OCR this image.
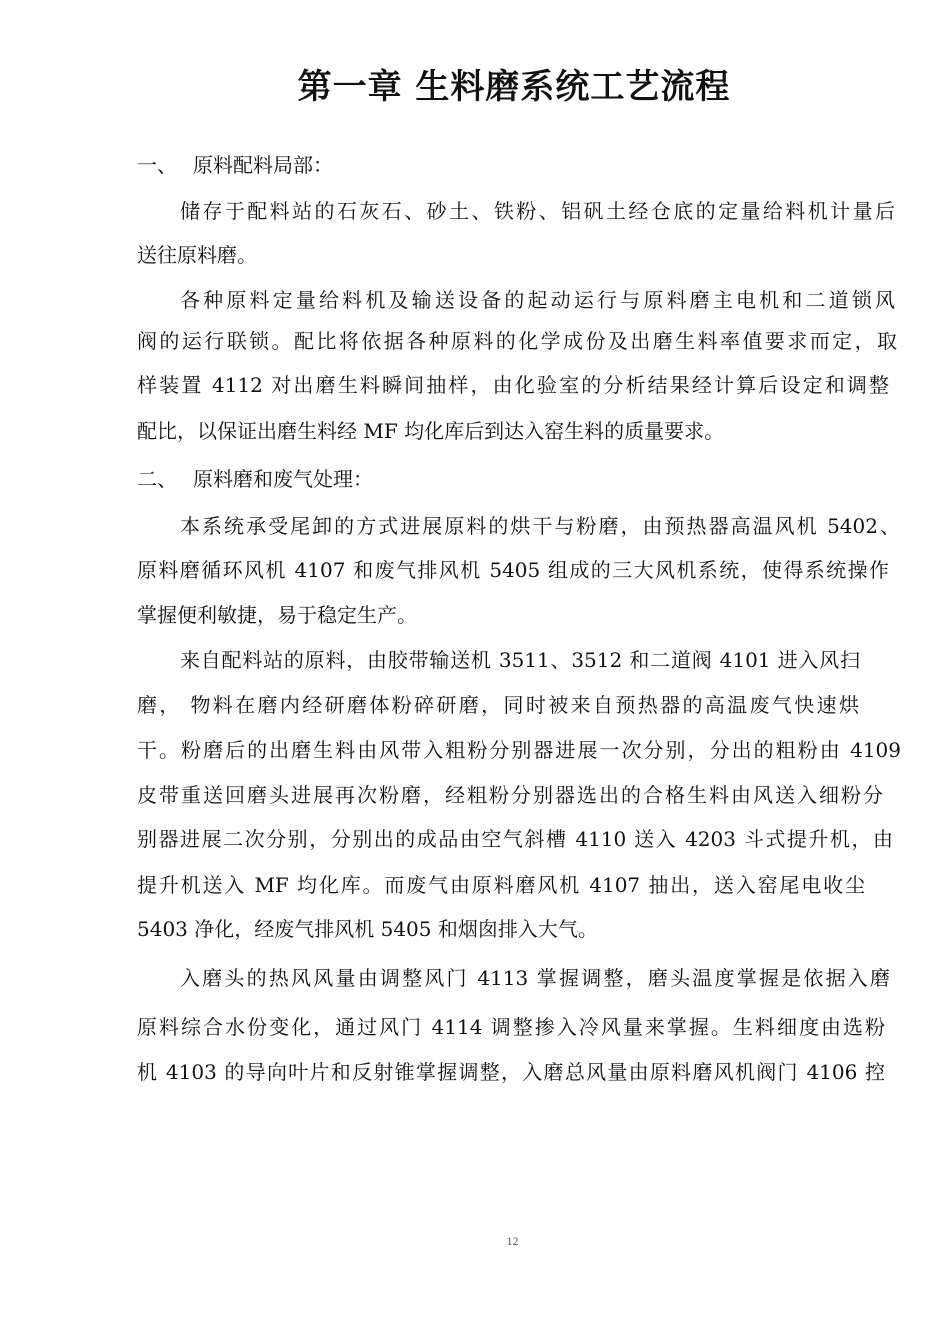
第一章 生料磨系统工艺流程
一、 原料配料局部：
储存于配料站的石灰石、砂土、铁粉、铝矾土经仓底的定量给料机计量后
送往原料磨。
各种原料定量给料机及输送设备的起动运行与原料磨主电机和二道锁风
阀的运行联锁。配比将依据各种原料的化学成份及出磨生料率值要求而定，取
样装置 4112 对出磨生料瞬间抽样，由化验室的分析结果经计算后设定和调整
配比，以保证出磨生料经 MF 均化库后到达入窑生料的质量要求。
二、 原料磨和废气处理：
本系统承受尾卸的方式进展原料的烘干与粉磨，由预热器高温风机 5402、
原料磨循环风机 4107 和废气排风机 5405 组成的三大风机系统，使得系统操作
掌握便利敏捷，易于稳定生产。
来自配料站的原料，由胶带输送机 3511、3512 和二道阀 4101 进入风扫
磨， 物料在磨内经研磨体粉碎研磨，同时被来自预热器的高温废气快速烘
干。粉磨后的出磨生料由风带入粗粉分别器进展一次分别，分出的粗粉由 4109
皮带重送回磨头进展再次粉磨，经粗粉分别器选出的合格生料由风送入细粉分
别器进展二次分别，分别出的成品由空气斜槽 4110 送入 4203 斗式提升机，由
提升机送入 MF 均化库。而废气由原料磨风机 4107 抽出，送入窑尾电收尘
5403 净化，经废气排风机 5405 和烟囱排入大气。
入磨头的热风风量由调整风门 4113 掌握调整，磨头温度掌握是依据入磨
原料综合水份变化，通过风门 4114 调整掺入冷风量来掌握。生料细度由选粉
机 4103 的导向叶片和反射锥掌握调整，入磨总风量由原料磨风机阀门 4106 控
12
